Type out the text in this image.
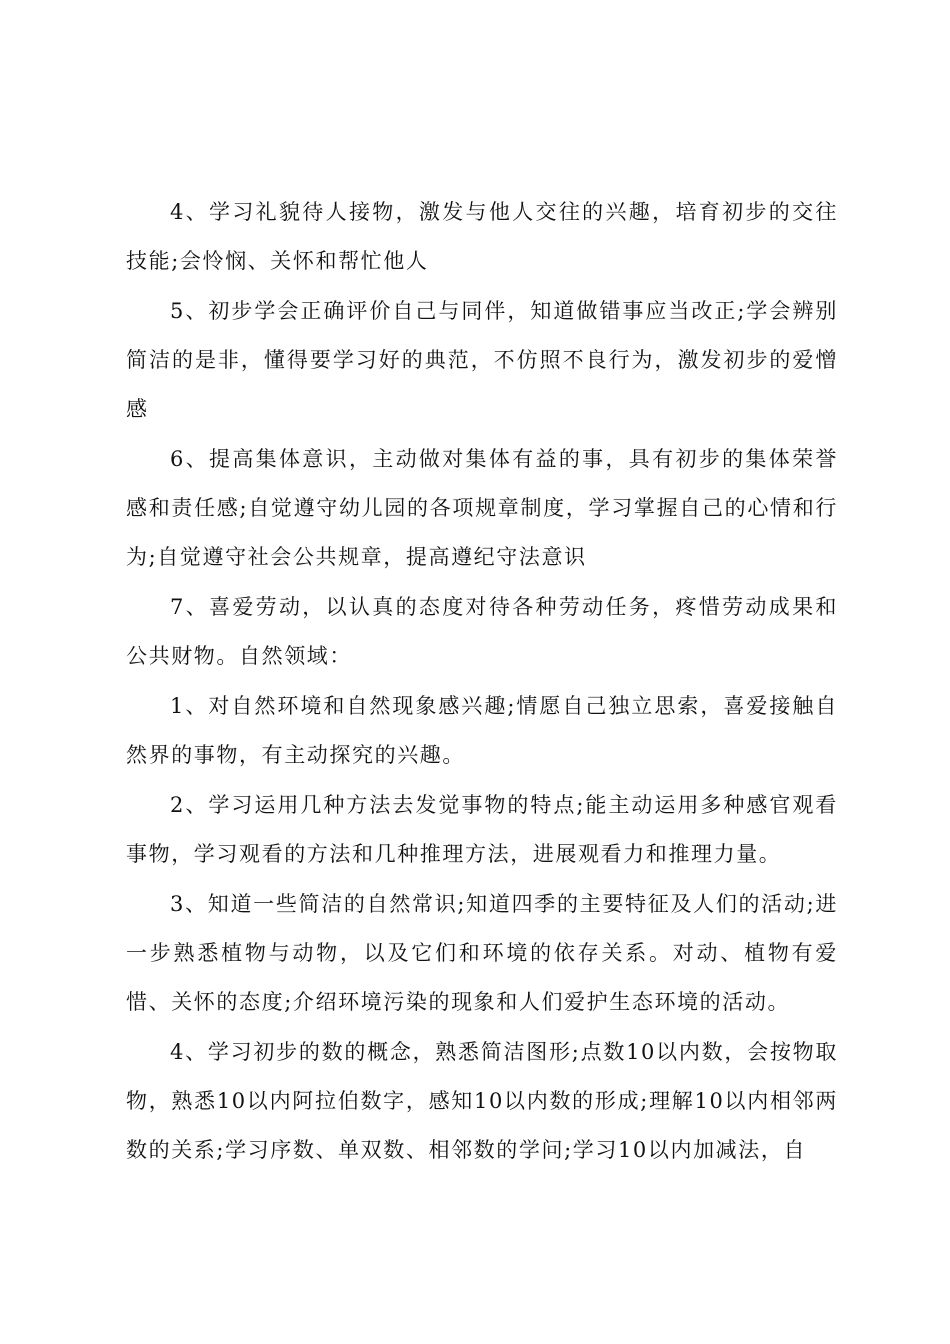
4、学习礼貌待人接物，激发与他人交往的兴趣，培育初步的交往技能;会怜悯、关怀和帮忙他人

5、初步学会正确评价自己与同伴，知道做错事应当改正;学会辨别简洁的是非，懂得要学习好的典范，不仿照不良行为，激发初步的爱憎感

6、提高集体意识，主动做对集体有益的事，具有初步的集体荣誉感和责任感;自觉遵守幼儿园的各项规章制度，学习掌握自己的心情和行为;自觉遵守社会公共规章，提高遵纪守法意识

7、喜爱劳动，以认真的态度对待各种劳动任务，疼惜劳动成果和公共财物。自然领域：

1、对自然环境和自然现象感兴趣;情愿自己独立思索，喜爱接触自然界的事物，有主动探究的兴趣。

2、学习运用几种方法去发觉事物的特点;能主动运用多种感官观看事物，学习观看的方法和几种推理方法，进展观看力和推理力量。

3、知道一些简洁的自然常识;知道四季的主要特征及人们的活动;进一步熟悉植物与动物，以及它们和环境的依存关系。对动、植物有爱惜、关怀的态度;介绍环境污染的现象和人们爱护生态环境的活动。

4、学习初步的数的概念，熟悉简洁图形;点数10以内数，会按物取物，熟悉10以内阿拉伯数字，感知10以内数的形成;理解10以内相邻两数的关系;学习序数、单双数、相邻数的学问;学习10以内加减法，自
